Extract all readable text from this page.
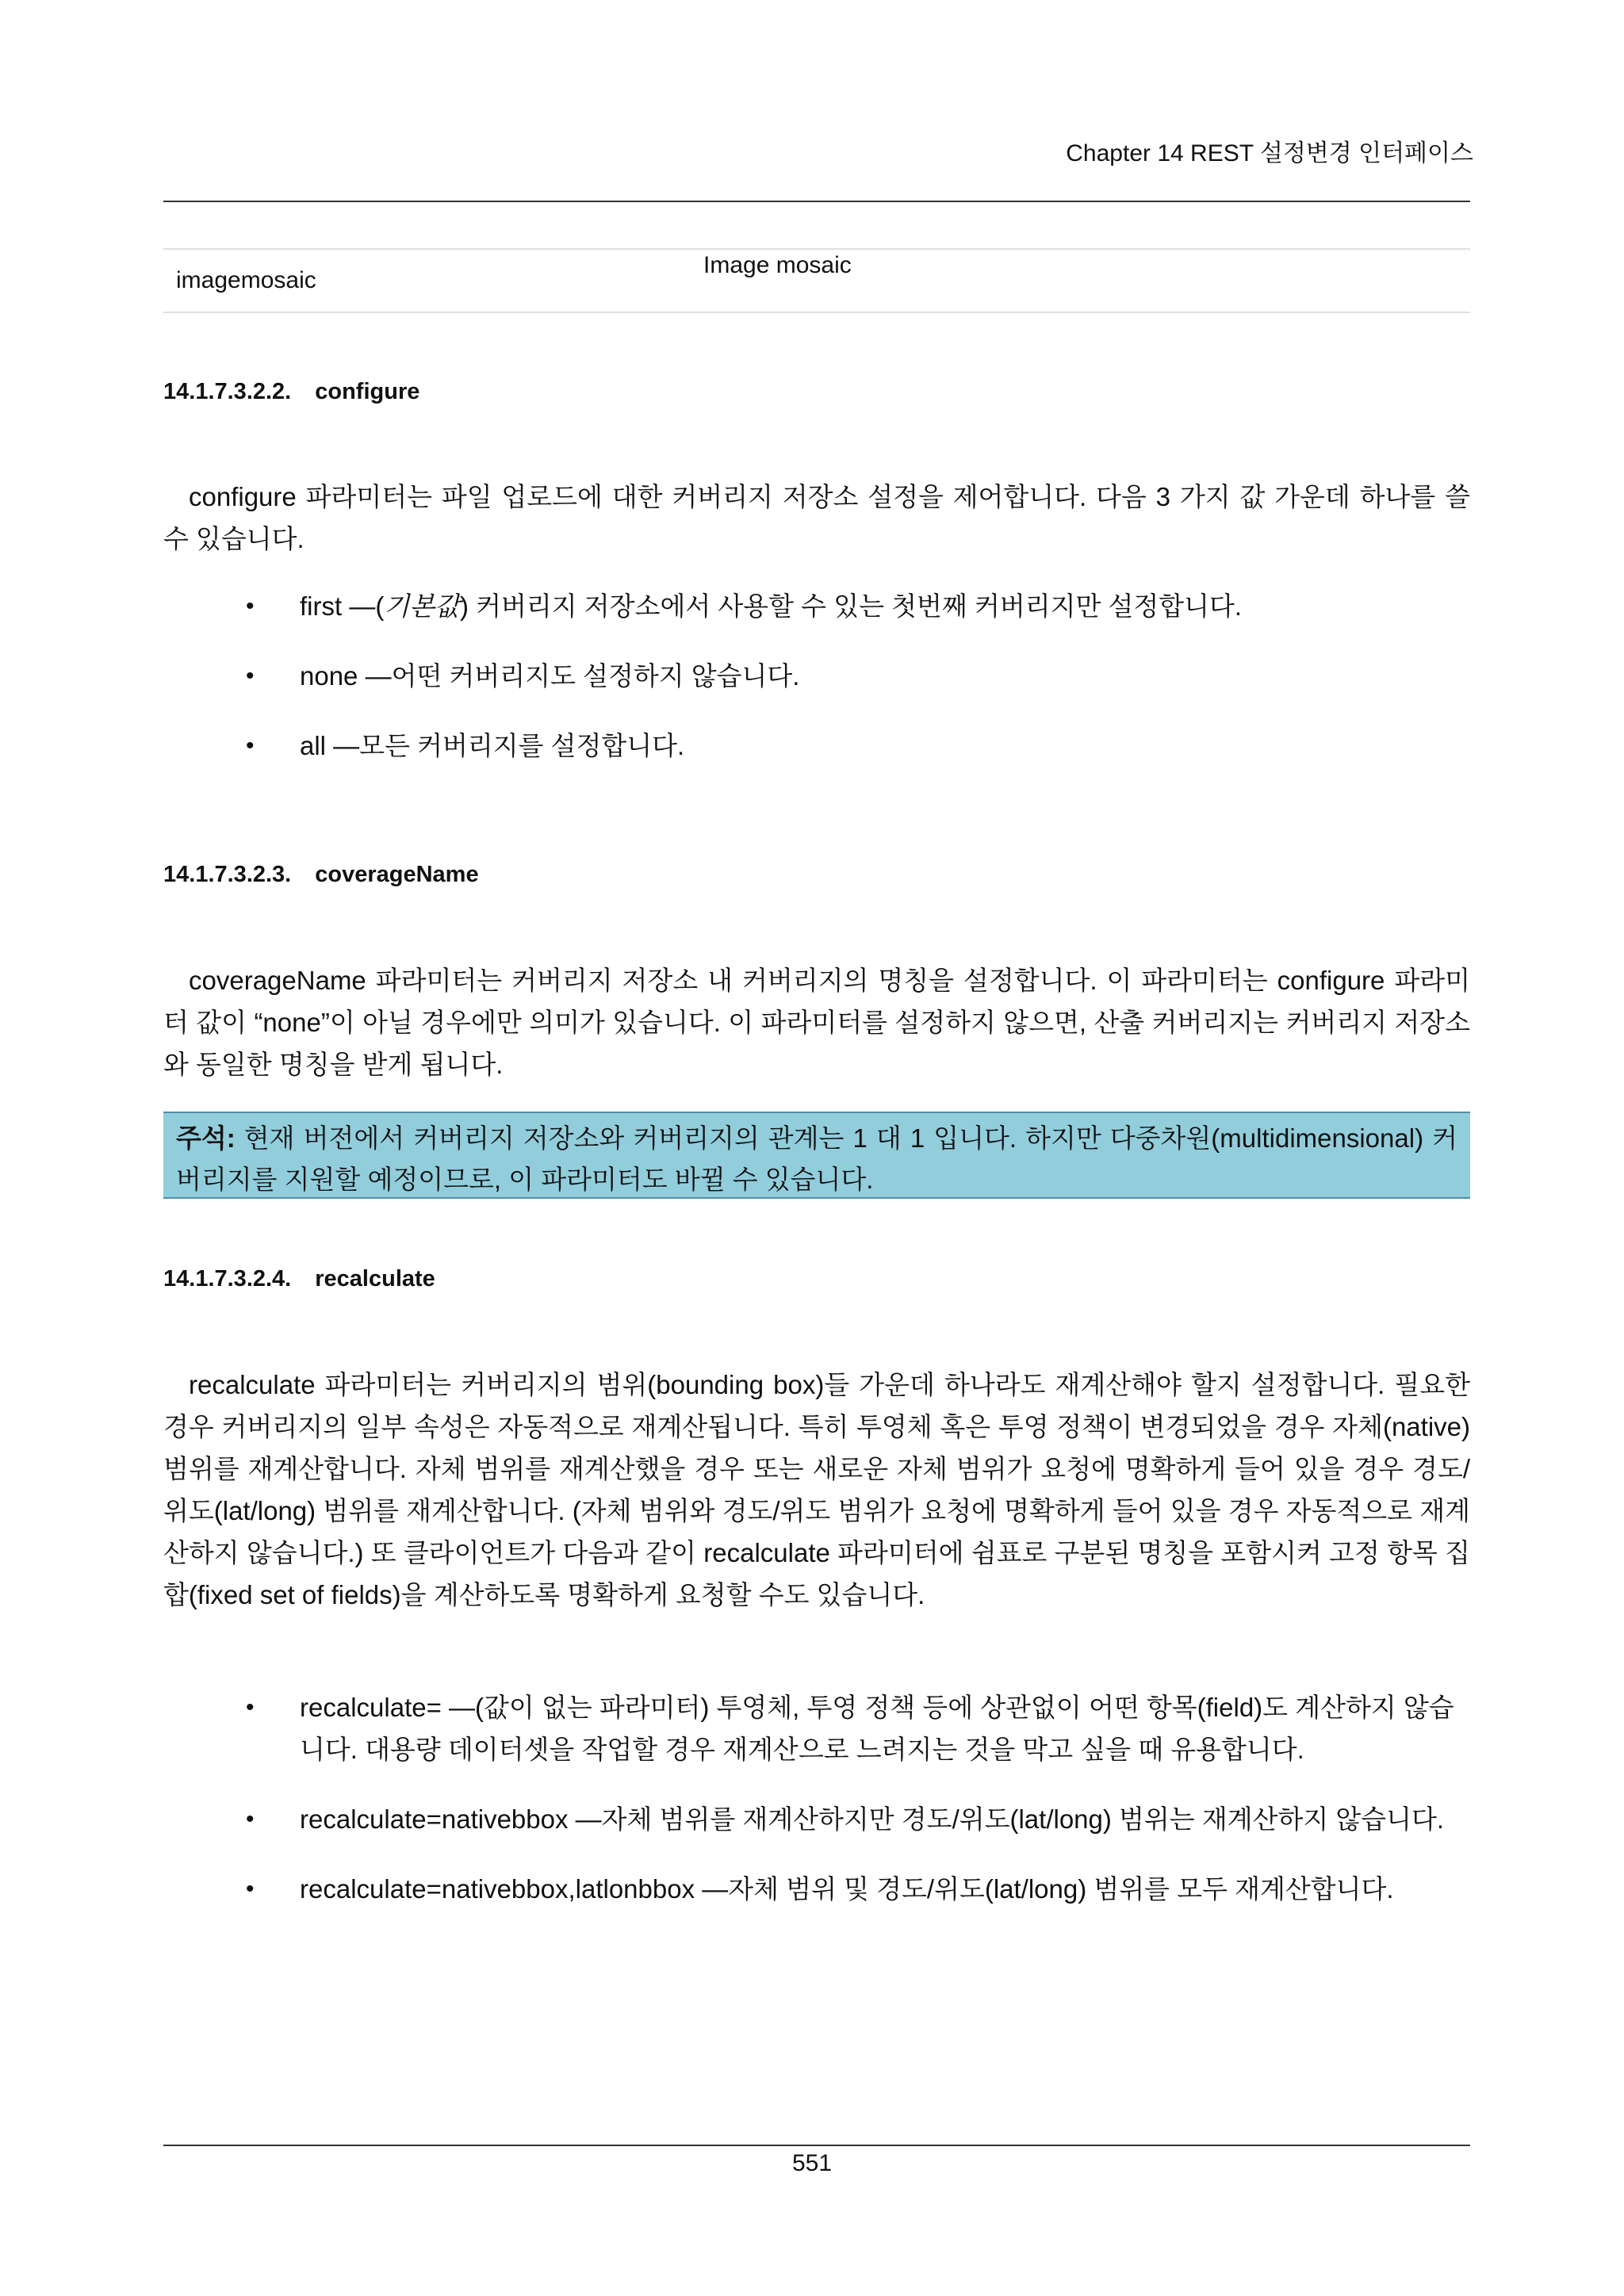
Chapter 14 REST 설정변경 인터페이스
imagemosaic
Image mosaic
14.1.7.3.2.2. configure
configure 파라미터는 파일 업로드에 대한 커버리지 저장소 설정을 제어합니다. 다음 3 가지 값 가운데 하나를 쓸 수 있습니다.
• first —(기본값) 커버리지 저장소에서 사용할 수 있는 첫번째 커버리지만 설정합니다.
• none —어떤 커버리지도 설정하지 않습니다.
• all —모든 커버리지를 설정합니다.
14.1.7.3.2.3. coverageName
coverageName 파라미터는 커버리지 저장소 내 커버리지의 명칭을 설정합니다. 이 파라미터는 configure 파라미터 값이 “none”이 아닐 경우에만 의미가 있습니다. 이 파라미터를 설정하지 않으면, 산출 커버리지는 커버리지 저장소와 동일한 명칭을 받게 됩니다.
주석: 현재 버전에서 커버리지 저장소와 커버리지의 관계는 1 대 1 입니다. 하지만 다중차원(multidimensional) 커버리지를 지원할 예정이므로, 이 파라미터도 바뀔 수 있습니다.
14.1.7.3.2.4. recalculate
recalculate 파라미터는 커버리지의 범위(bounding box)들 가운데 하나라도 재계산해야 할지 설정합니다. 필요한 경우 커버리지의 일부 속성은 자동적으로 재계산됩니다. 특히 투영체 혹은 투영 정책이 변경되었을 경우 자체(native) 범위를 재계산합니다. 자체 범위를 재계산했을 경우 또는 새로운 자체 범위가 요청에 명확하게 들어 있을 경우 경도/위도(lat/long) 범위를 재계산합니다. (자체 범위와 경도/위도 범위가 요청에 명확하게 들어 있을 경우 자동적으로 재계산하지 않습니다.) 또 클라이언트가 다음과 같이 recalculate 파라미터에 쉼표로 구분된 명칭을 포함시켜 고정 항목 집합(fixed set of fields)을 계산하도록 명확하게 요청할 수도 있습니다.
• recalculate= —(값이 없는 파라미터) 투영체, 투영 정책 등에 상관없이 어떤 항목(field)도 계산하지 않습니다. 대용량 데이터셋을 작업할 경우 재계산으로 느려지는 것을 막고 싶을 때 유용합니다.
• recalculate=nativebbox —자체 범위를 재계산하지만 경도/위도(lat/long) 범위는 재계산하지 않습니다.
• recalculate=nativebbox,latlonbbox —자체 범위 및 경도/위도(lat/long) 범위를 모두 재계산합니다.
551
